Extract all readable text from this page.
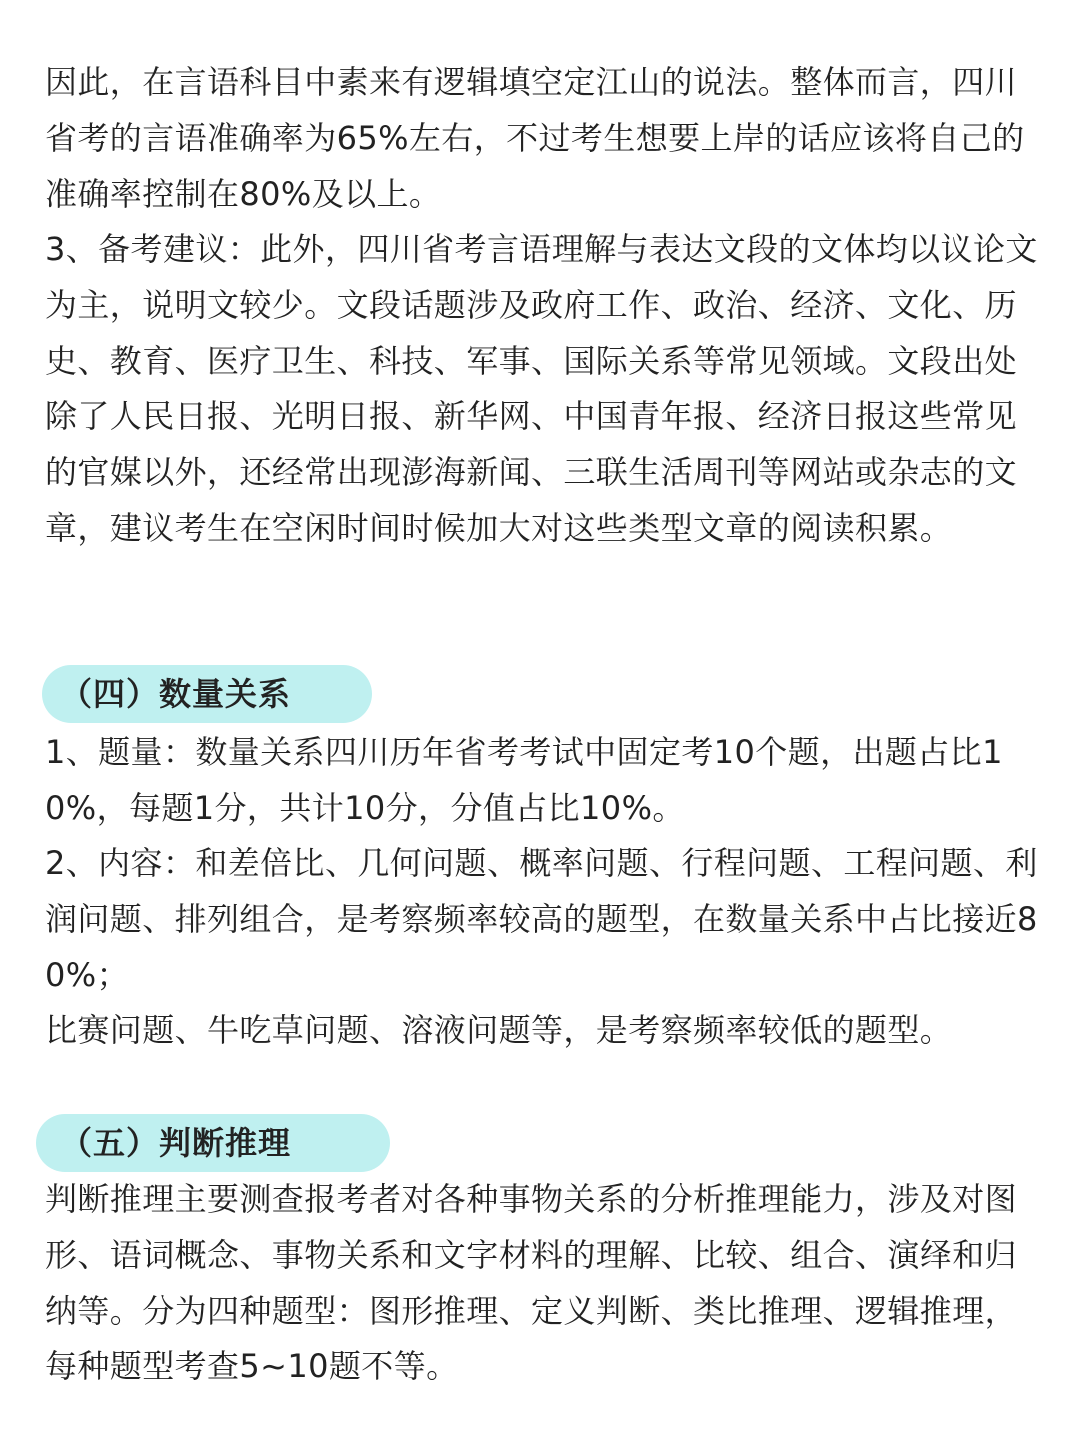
因此，在言语科目中素来有逻辑填空定江山的说法。整体而言，四川省考的言语准确率为65%左右，不过考生想要上岸的话应该将自己的准确率控制在80%及以上。

3、备考建议：此外，四川省考言语理解与表达文段的文体均以议论文为主，说明文较少。文段话题涉及政府工作、政治、经济、文化、历史、教育、医疗卫生、科技、军事、国际关系等常见领域。文段出处除了人民日报、光明日报、新华网、中国青年报、经济日报这些常见的官媒以外，还经常出现澎海新闻、三联生活周刊等网站或杂志的文章，建议考生在空闲时间时候加大对这些类型文章的阅读积累。

（四）数量关系

1、题量：数量关系四川历年省考考试中固定考10个题，出题占比10%，每题1分，共计10分，分值占比10%。

2、内容：和差倍比、几何问题、概率问题、行程问题、工程问题、利润问题、排列组合，是考察频率较高的题型，在数量关系中占比接近80%；

比赛问题、牛吃草问题、溶液问题等，是考察频率较低的题型。

（五）判断推理

判断推理主要测查报考者对各种事物关系的分析推理能力，涉及对图形、语词概念、事物关系和文字材料的理解、比较、组合、演绎和归纳等。分为四种题型：图形推理、定义判断、类比推理、逻辑推理，每种题型考查5~10题不等。
